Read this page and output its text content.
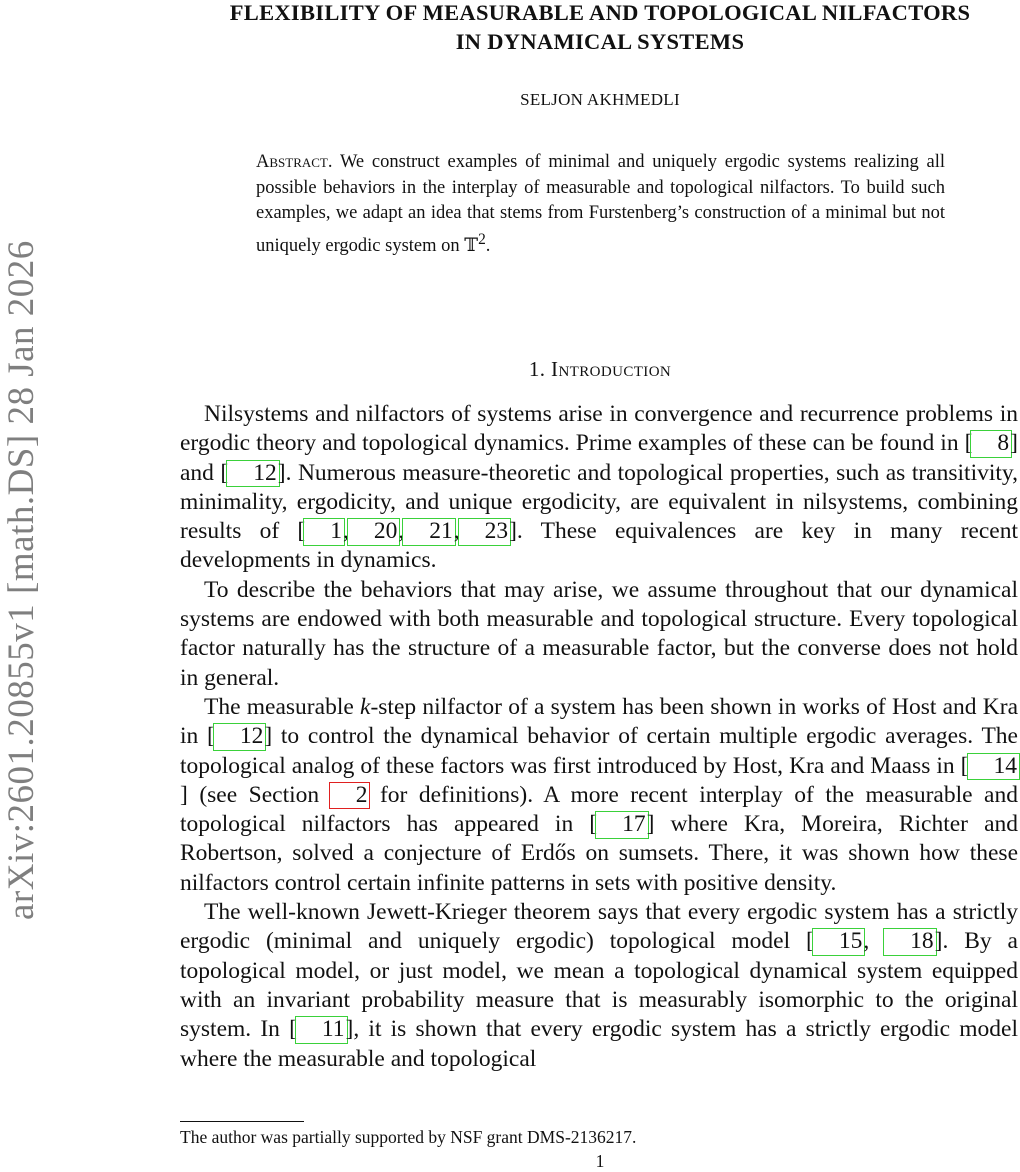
arXiv:2601.20855v1 [math.DS] 28 Jan 2026
FLEXIBILITY OF MEASURABLE AND TOPOLOGICAL NILFACTORS
IN DYNAMICAL SYSTEMS
SELJON AKHMEDLI
Abstract. We construct examples of minimal and uniquely ergodic systems realizing all possible behaviors in the interplay of measurable and topological nilfactors. To build such examples, we adapt an idea that stems from Furstenberg’s construction of a minimal but not uniquely ergodic system on 𝕋$^2$.
1. Introduction

Nilsystems and nilfactors of systems arise in convergence and recurrence problems in ergodic theory and topological dynamics. Prime examples of these can be found in [ 8] and [ 12]. Numerous measure-theoretic and topological properties, such as transitivity, minimality, ergodicity, and unique ergodicity, are equivalent in nilsystems, combining results of [ 1, 20, 21, 23]. These equivalences are key in many recent developments in dynamics.

To describe the behaviors that may arise, we assume throughout that our dynamical systems are endowed with both measurable and topological structure. Every topological factor naturally has the structure of a measurable factor, but the converse does not hold in general.

The measurable k-step nilfactor of a system has been shown in works of Host and Kra in [ 12] to control the dynamical behavior of certain multiple ergodic averages. The topological analog of these factors was first introduced by Host, Kra and Maass in [ 14] (see Section 2 for definitions). A more recent interplay of the measurable and topological nilfactors has appeared in [ 17] where Kra, Moreira, Richter and Robertson, solved a conjecture of Erdős on sumsets. There, it was shown how these nilfactors control certain infinite patterns in sets with positive density.

The well-known Jewett-Krieger theorem says that every ergodic system has a strictly ergodic (minimal and uniquely ergodic) topological model [ 15, 18]. By a topological model, or just model, we mean a topological dynamical system equipped with an invariant probability measure that is measurably isomorphic to the original system. In [ 11], it is shown that every ergodic system has a strictly ergodic model where the measurable and topological

The author was partially supported by NSF grant DMS-2136217.
1
